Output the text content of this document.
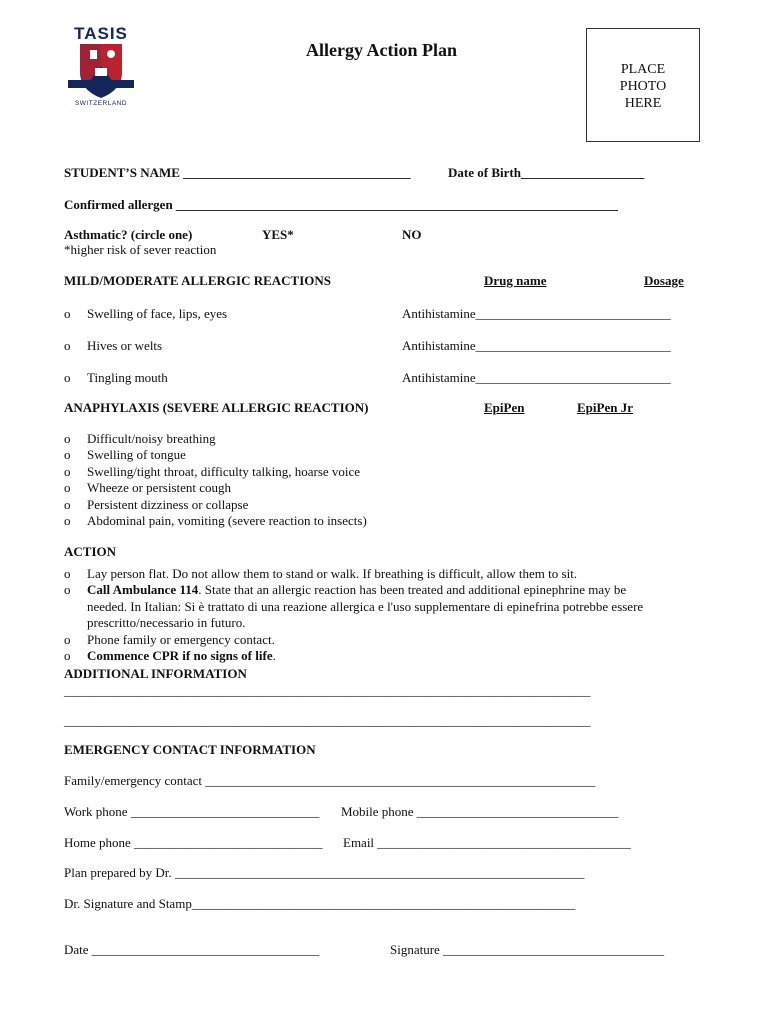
TASIS
SWITZERLAND
Allergy Action Plan
PLACE
PHOTO
HERE
STUDENT’S NAME ___________________________________	Date of Birth___________________
Confirmed allergen ____________________________________________________________________
Asthmatic? (circle one)	YES*	NO
*higher risk of sever reaction
MILD/MODERATE ALLERGIC REACTIONS	Drug name	Dosage
o Swelling of face, lips, eyes	Antihistamine______________________________
o Hives or welts	Antihistamine______________________________
o Tingling mouth	Antihistamine______________________________
ANAPHYLAXIS (SEVERE ALLERGIC REACTION)	EpiPen	EpiPen Jr
o Difficult/noisy breathing
o Swelling of tongue
o Swelling/tight throat, difficulty talking, hoarse voice
o Wheeze or persistent cough
o Persistent dizziness or collapse
o Abdominal pain, vomiting (severe reaction to insects)
ACTION
o Lay person flat. Do not allow them to stand or walk. If breathing is difficult, allow them to sit.
o Call Ambulance 114. State that an allergic reaction has been treated and additional epinephrine may be
needed. In Italian: Si è trattato di una reazione allergica e l'uso supplementare di epinefrina potrebbe essere
prescritto/necessario in futuro.
o Phone family or emergency contact.
o Commence CPR if no signs of life.
ADDITIONAL INFORMATION
_________________________________________________________________________________
_________________________________________________________________________________
EMERGENCY CONTACT INFORMATION
Family/emergency contact ____________________________________________________________
Work phone _____________________________ Mobile phone _______________________________
Home phone _____________________________ Email _______________________________________
Plan prepared by Dr. _______________________________________________________________
Dr. Signature and Stamp___________________________________________________________
Date ___________________________________	Signature __________________________________
